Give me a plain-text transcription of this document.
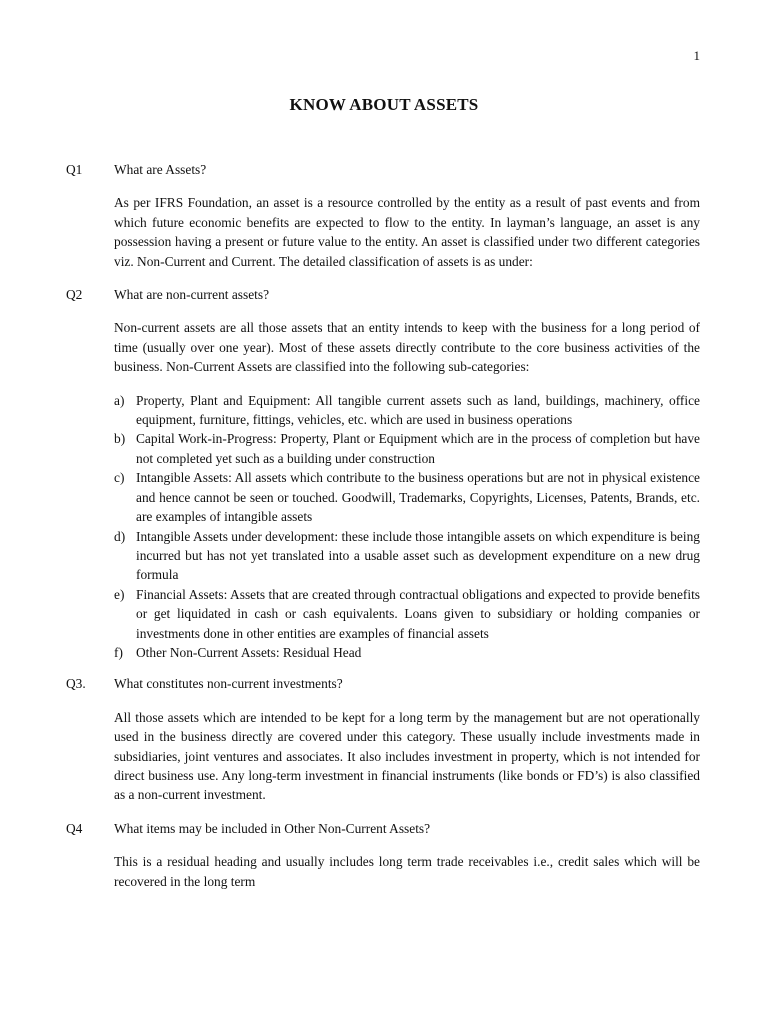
1
KNOW ABOUT ASSETS
Q1	What are Assets?
As per IFRS Foundation, an asset is a resource controlled by the entity as a result of past events and from which future economic benefits are expected to flow to the entity. In layman’s language, an asset is any possession having a present or future value to the entity. An asset is classified under two different categories viz. Non-Current and Current. The detailed classification of assets is as under:
Q2	What are non-current assets?
Non-current assets are all those assets that an entity intends to keep with the business for a long period of time (usually over one year). Most of these assets directly contribute to the core business activities of the business. Non-Current Assets are classified into the following sub-categories:
a) Property, Plant and Equipment: All tangible current assets such as land, buildings, machinery, office equipment, furniture, fittings, vehicles, etc. which are used in business operations
b) Capital Work-in-Progress: Property, Plant or Equipment which are in the process of completion but have not completed yet such as a building under construction
c) Intangible Assets: All assets which contribute to the business operations but are not in physical existence and hence cannot be seen or touched. Goodwill, Trademarks, Copyrights, Licenses, Patents, Brands, etc. are examples of intangible assets
d) Intangible Assets under development: these include those intangible assets on which expenditure is being incurred but has not yet translated into a usable asset such as development expenditure on a new drug formula
e) Financial Assets: Assets that are created through contractual obligations and expected to provide benefits or get liquidated in cash or cash equivalents. Loans given to subsidiary or holding companies or investments done in other entities are examples of financial assets
f) Other Non-Current Assets: Residual Head
Q3.	What constitutes non-current investments?
All those assets which are intended to be kept for a long term by the management but are not operationally used in the business directly are covered under this category. These usually include investments made in subsidiaries, joint ventures and associates. It also includes investment in property, which is not intended for direct business use. Any long-term investment in financial instruments (like bonds or FD’s) is also classified as a non-current investment.
Q4	What items may be included in Other Non-Current Assets?
This is a residual heading and usually includes long term trade receivables i.e., credit sales which will be recovered in the long term
